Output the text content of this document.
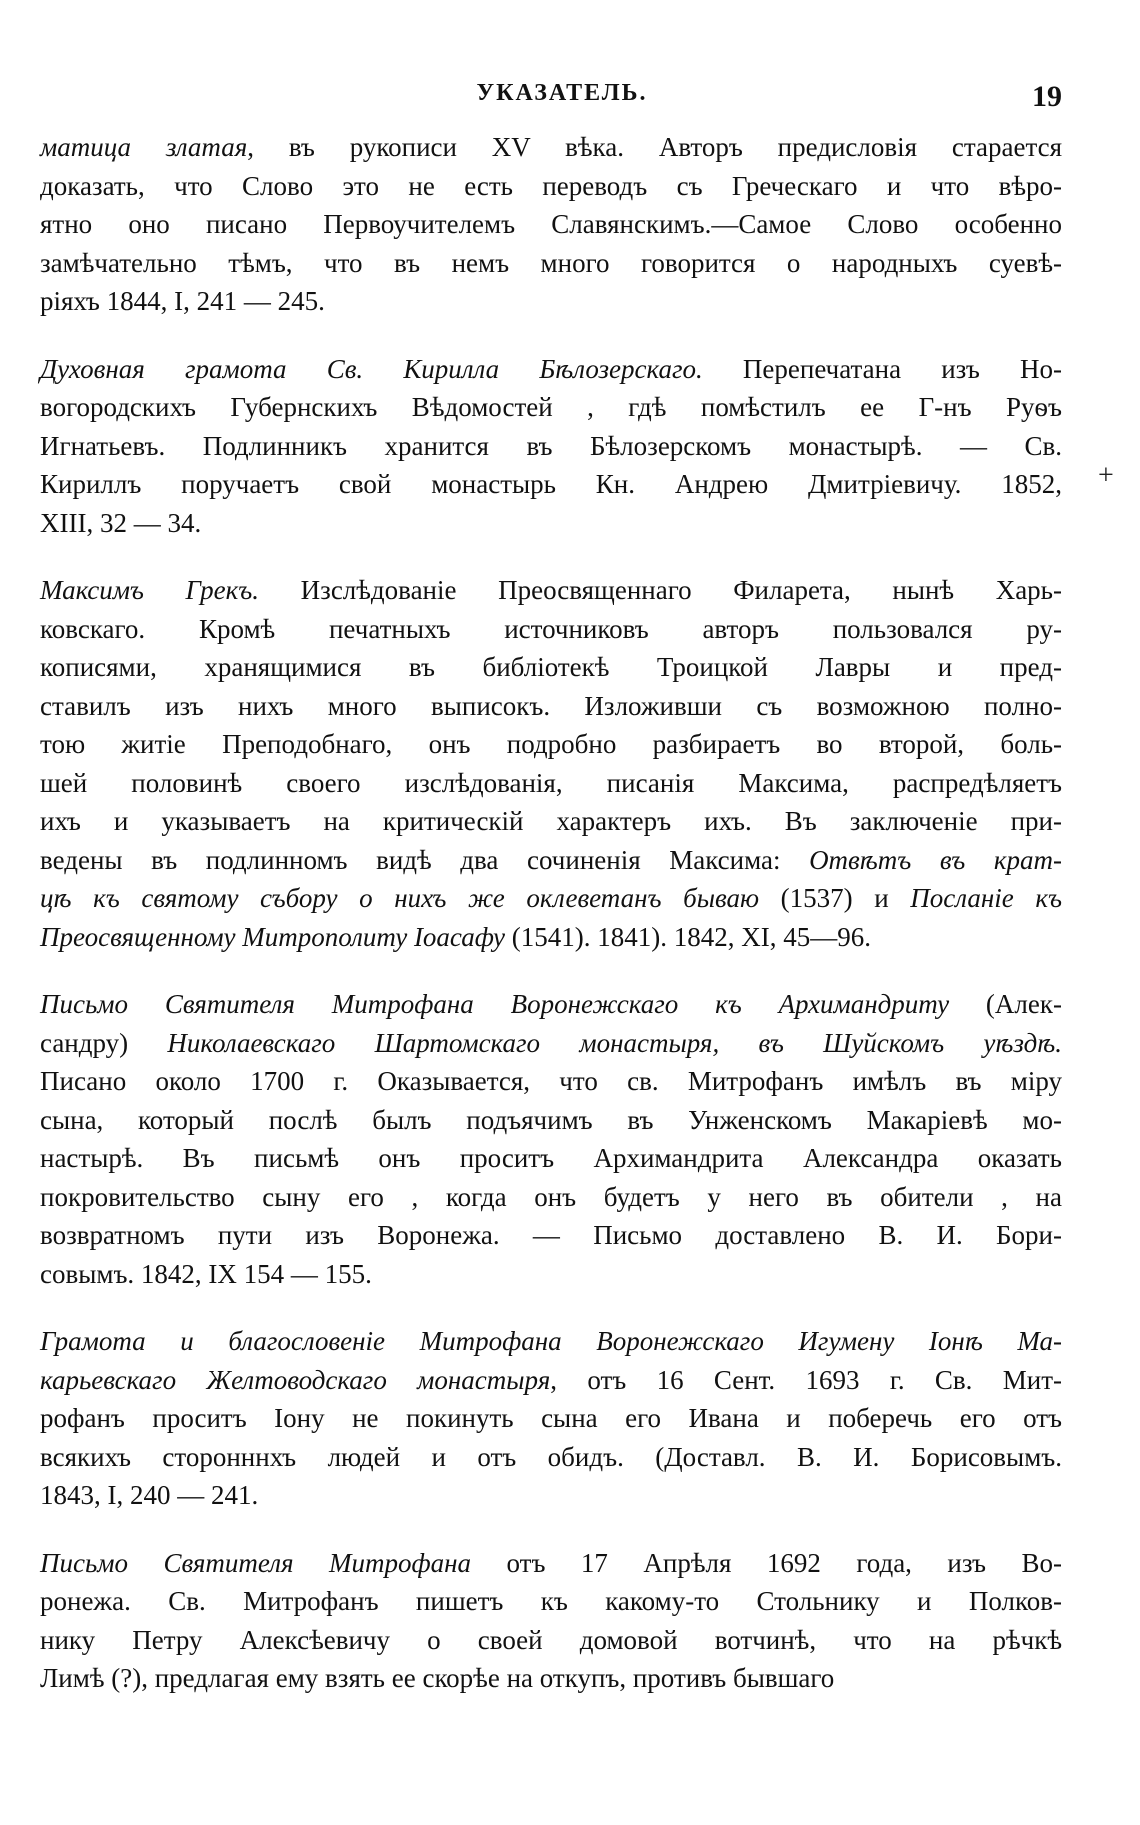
УКАЗАТЕЛЬ.	19
+
матица златая, въ рукописи XV вѣка. Авторъ предисловія старается
доказать, что Слово это не есть переводъ съ Греческаго и что вѣро-
ятно оно писано Первоучителемъ Славянскимъ.—Самое Слово особенно
замѣчательно тѣмъ, что въ немъ много говорится о народныхъ суевѣ-
ріяхъ 1844, I, 241 — 245.
Духовная грамота Св. Кирилла Бѣлозерскаго. Перепечатана изъ Но-
вогородскихъ Губернскихъ Вѣдомостей , гдѣ помѣстилъ ее Г-нъ Руѳъ
Игнатьевъ. Подлинникъ хранится въ Бѣлозерскомъ монастырѣ. — Св.
Кириллъ поручаетъ свой монастырь Кн. Андрею Дмитріевичу. 1852,
XIII, 32 — 34.
Максимъ Грекъ. Изслѣдованіе Преосвященнаго Филарета, нынѣ Харь-
ковскаго. Кромѣ печатныхъ источниковъ авторъ пользовался ру-
кописями, хранящимися въ библіотекѣ Троицкой Лавры и пред-
ставилъ изъ нихъ много выписокъ. Изложивши съ возможною полно-
тою житіе Преподобнаго, онъ подробно разбираетъ во второй, боль-
шей половинѣ своего изслѣдованія, писанія Максима, распредѣляетъ
ихъ и указываетъ на критическій характеръ ихъ. Въ заключеніе при-
ведены въ подлинномъ видѣ два сочиненія Максима: Отвѣтъ въ крат-
цѣ къ святому събору о нихъ же оклеветанъ бываю (1537) и Посланіе къ
Преосвященному Митрополиту Іоасафу (1541). 1841). 1842, XI, 45—96.
Письмо Святителя Митрофана Воронежскаго къ Архимандриту (Алек-
сандру) Николаевскаго Шартомскаго монастыря, въ Шуйскомъ уѣздѣ.
Писано около 1700 г. Оказывается, что св. Митрофанъ имѣлъ въ міру
сына, который послѣ былъ подъячимъ въ Унженскомъ Макаріевѣ мо-
настырѣ. Въ письмѣ онъ проситъ Архимандрита Александра оказать
покровительство сыну его , когда онъ будетъ у него въ обители , на
возвратномъ пути изъ Воронежа. — Письмо доставлено В. И. Бори-
совымъ. 1842, IX 154 — 155.
Грамота и благословеніе Митрофана Воронежскаго Игумену Іонѣ Ма-
карьевскаго Желтоводскаго монастыря, отъ 16 Сент. 1693 г. Св. Мит-
рофанъ проситъ Іону не покинуть сына его Ивана и поберечь его отъ
всякихъ сторонннхъ людей и отъ обидъ. (Доставл. В. И. Борисовымъ.
1843, I, 240 — 241.
Письмо Святителя Митрофана отъ 17 Апрѣля 1692 года, изъ Во-
ронежа. Св. Митрофанъ пишетъ къ какому-то Стольнику и Полков-
нику Петру Алексѣевичу о своей домовой вотчинѣ, что на рѣчкѣ
Лимѣ (?), предлагая ему взять ее скорѣе на откупъ, противъ бывшаго
